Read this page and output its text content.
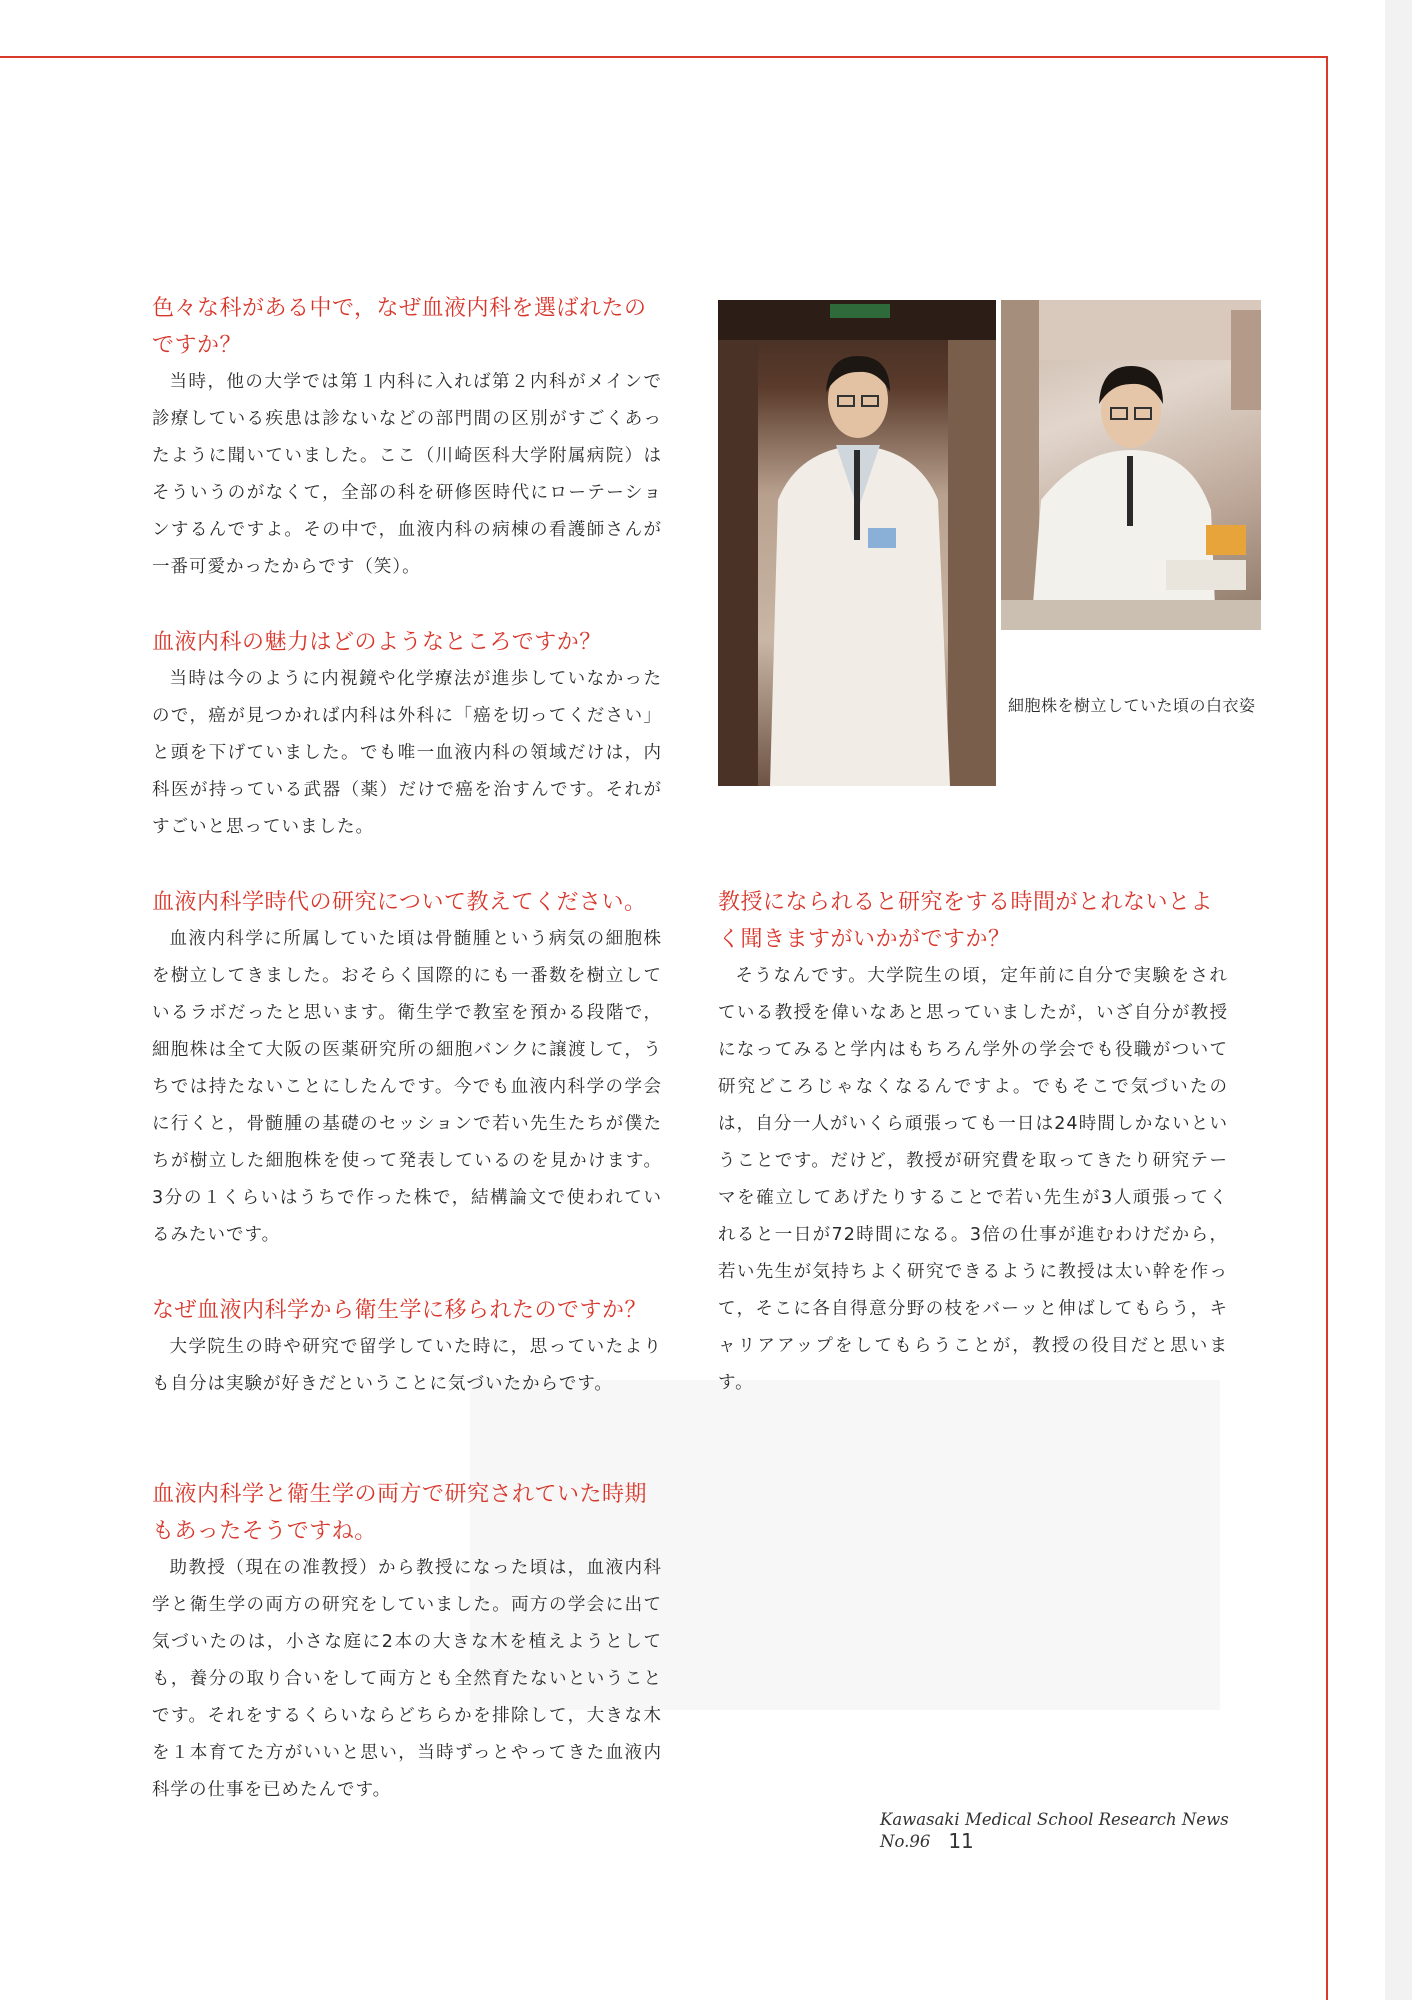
色々な科がある中で，なぜ血液内科を選ばれたのですか？

当時，他の大学では第１内科に入れば第２内科がメインで診療している疾患は診ないなどの部門間の区別がすごくあったように聞いていました。ここ（川崎医科大学附属病院）はそういうのがなくて，全部の科を研修医時代にローテーションするんですよ。その中で，血液内科の病棟の看護師さんが一番可愛かったからです（笑）。

血液内科の魅力はどのようなところですか？

当時は今のように内視鏡や化学療法が進歩していなかったので，癌が見つかれば内科は外科に「癌を切ってください」と頭を下げていました。でも唯一血液内科の領域だけは，内科医が持っている武器（薬）だけで癌を治すんです。それがすごいと思っていました。

血液内科学時代の研究について教えてください。

血液内科学に所属していた頃は骨髄腫という病気の細胞株を樹立してきました。おそらく国際的にも一番数を樹立しているラボだったと思います。衛生学で教室を預かる段階で，細胞株は全て大阪の医薬研究所の細胞バンクに譲渡して，うちでは持たないことにしたんです。今でも血液内科学の学会に行くと，骨髄腫の基礎のセッションで若い先生たちが僕たちが樹立した細胞株を使って発表しているのを見かけます。3分の１くらいはうちで作った株で，結構論文で使われているみたいです。

なぜ血液内科学から衛生学に移られたのですか？

大学院生の時や研究で留学していた時に，思っていたよりも自分は実験が好きだということに気づいたからです。

血液内科学と衛生学の両方で研究されていた時期もあったそうですね。

助教授（現在の准教授）から教授になった頃は，血液内科学と衛生学の両方の研究をしていました。両方の学会に出て気づいたのは，小さな庭に2本の大きな木を植えようとしても，養分の取り合いをして両方とも全然育たないということです。それをするくらいならどちらかを排除して，大きな木を１本育てた方がいいと思い，当時ずっとやってきた血液内科学の仕事を已めたんです。

細胞株を樹立していた頃の白衣姿
教授になられると研究をする時間がとれないとよく聞きますがいかがですか？

そうなんです。大学院生の頃，定年前に自分で実験をされている教授を偉いなあと思っていましたが，いざ自分が教授になってみると学内はもちろん学外の学会でも役職がついて研究どころじゃなくなるんですよ。でもそこで気づいたのは，自分一人がいくら頑張っても一日は24時間しかないということです。だけど，教授が研究費を取ってきたり研究テーマを確立してあげたりすることで若い先生が3人頑張ってくれると一日が72時間になる。3倍の仕事が進むわけだから，若い先生が気持ちよく研究できるように教授は太い幹を作って，そこに各自得意分野の枝をバーッと伸ばしてもらう，キャリアアップをしてもらうことが，教授の役目だと思います。

Kawasaki Medical School Research News No.96 11
